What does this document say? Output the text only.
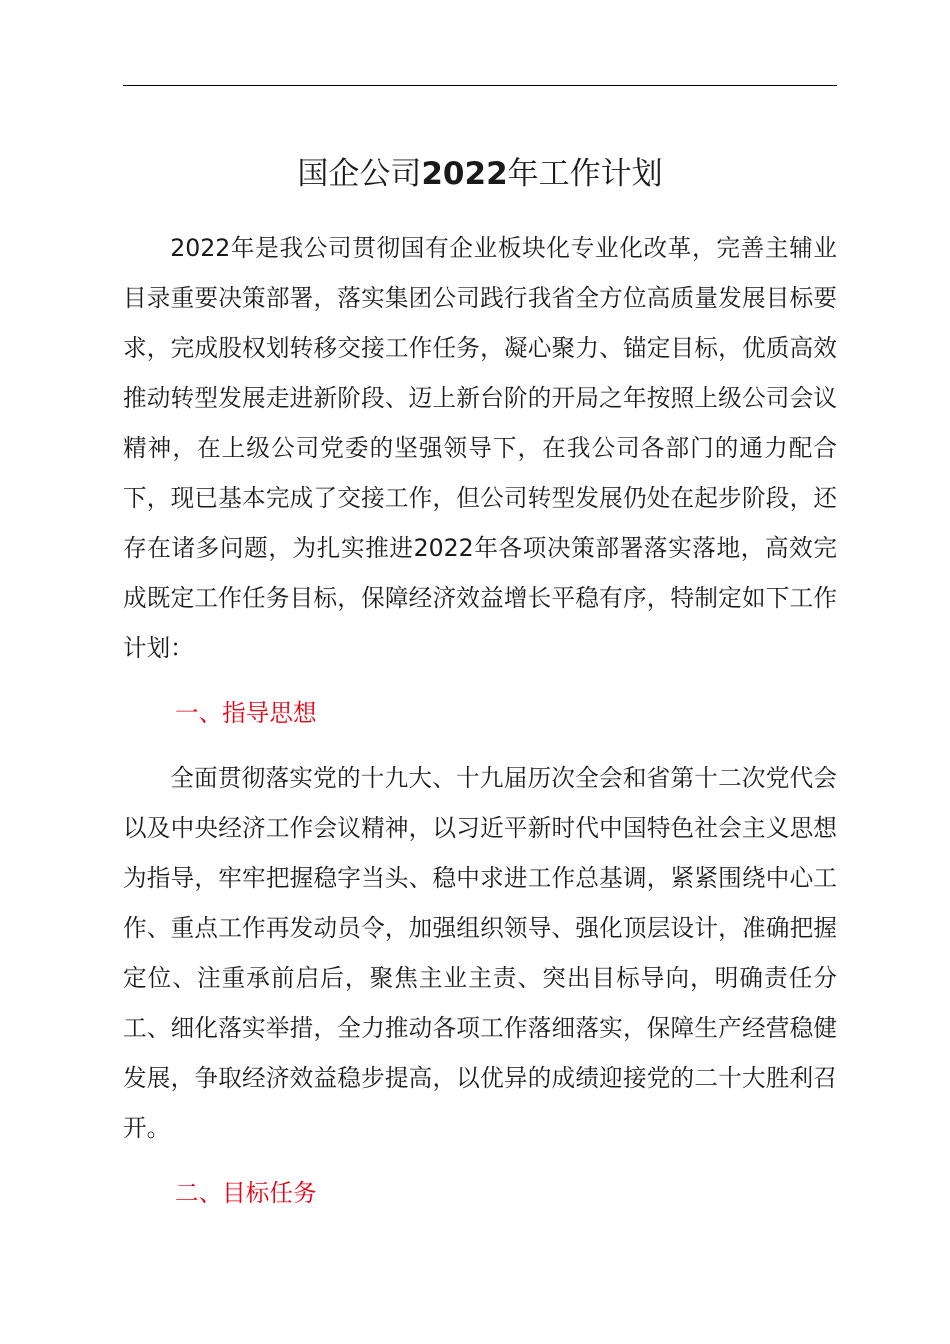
国企公司2022年工作计划

2022年是我公司贯彻国有企业板块化专业化改革，完善主辅业目录重要决策部署，落实集团公司践行我省全方位高质量发展目标要求，完成股权划转移交接工作任务，凝心聚力、锚定目标，优质高效推动转型发展走进新阶段、迈上新台阶的开局之年按照上级公司会议精神，在上级公司党委的坚强领导下，在我公司各部门的通力配合下，现已基本完成了交接工作，但公司转型发展仍处在起步阶段，还存在诸多问题，为扎实推进2022年各项决策部署落实落地，高效完成既定工作任务目标，保障经济效益增长平稳有序，特制定如下工作计划：

一、指导思想

全面贯彻落实党的十九大、十九届历次全会和省第十二次党代会以及中央经济工作会议精神，以习近平新时代中国特色社会主义思想为指导，牢牢把握稳字当头、稳中求进工作总基调，紧紧围绕中心工作、重点工作再发动员令，加强组织领导、强化顶层设计，准确把握定位、注重承前启后，聚焦主业主责、突出目标导向，明确责任分工、细化落实举措，全力推动各项工作落细落实，保障生产经营稳健发展，争取经济效益稳步提高，以优异的成绩迎接党的二十大胜利召开。

二、目标任务
